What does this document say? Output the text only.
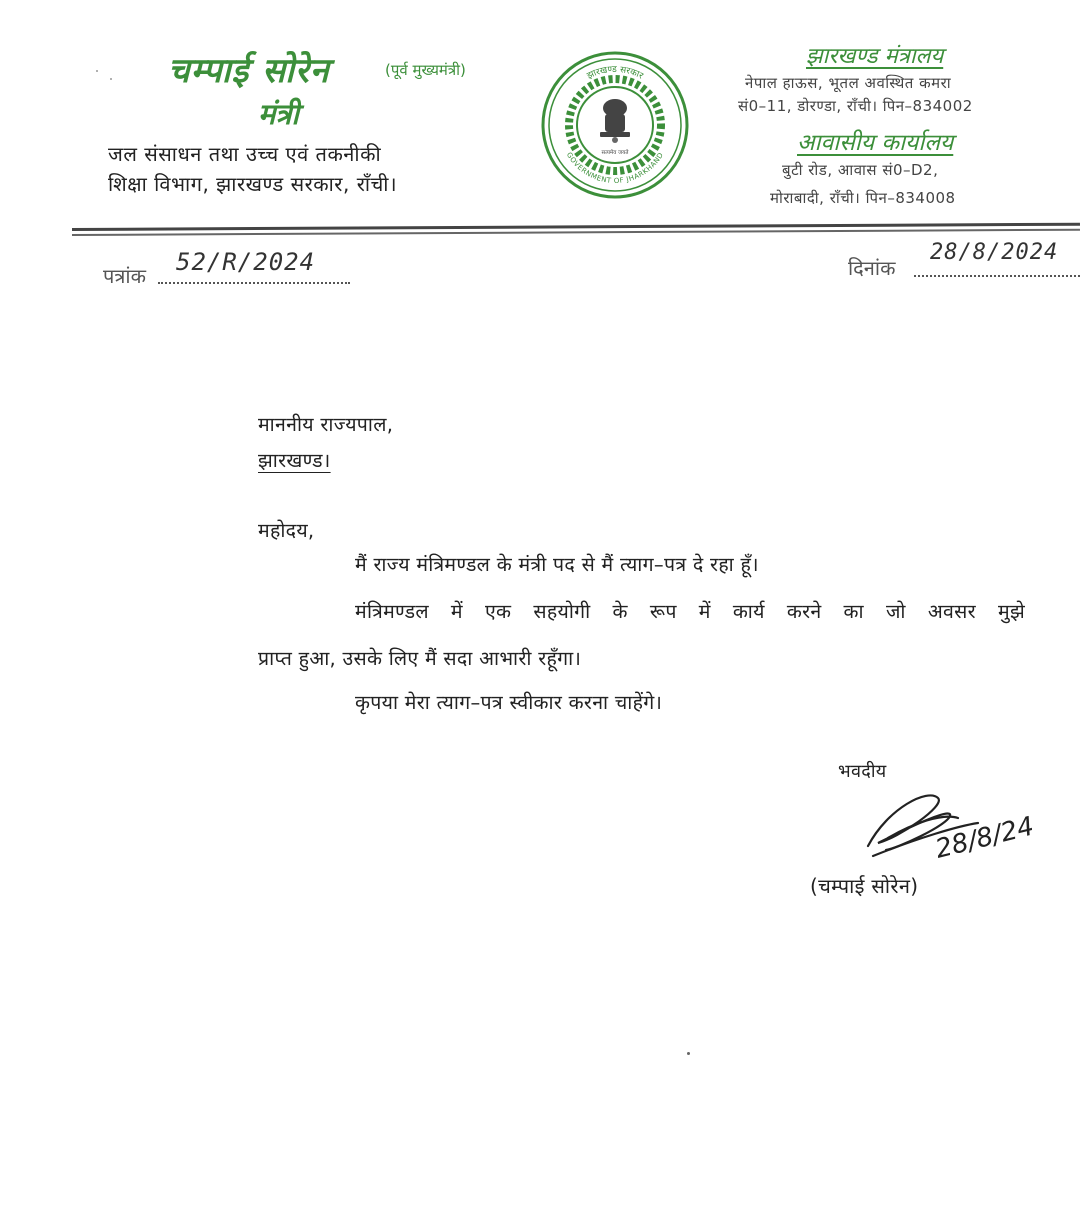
चम्पाई सोरेन	(पूर्व मुख्यमंत्री)
मंत्री
जल संसाधन तथा उच्च एवं तकनीकी
शिक्षा विभाग, झारखण्ड सरकार, राँची।
झारखण्ड सरकार
GOVERNMENT OF JHARKHAND
सत्यमेव जयते
झारखण्ड मंत्रालय
नेपाल हाऊस, भूतल अवस्थित कमरा
सं0–11, डोरण्डा, राँची। पिन–834002
आवासीय कार्यालय
बुटी रोड, आवास सं0–D2,
मोराबादी, राँची। पिन–834008
पत्रांक 52/R/2024	दिनांक
28/8/2024
माननीय राज्यपाल,
झारखण्ड।
महोदय,
मैं राज्य मंत्रिमण्डल के मंत्री पद से मैं त्याग–पत्र दे रहा हूँ।
मंत्रिमण्डल में एक सहयोगी के रूप में कार्य करने का जो अवसर मुझे
प्राप्त हुआ, उसके लिए मैं सदा आभारी रहूँगा।
कृपया मेरा त्याग–पत्र स्वीकार करना चाहेंगे।
भवदीय
28/8/24
(चम्पाई सोरेन)
